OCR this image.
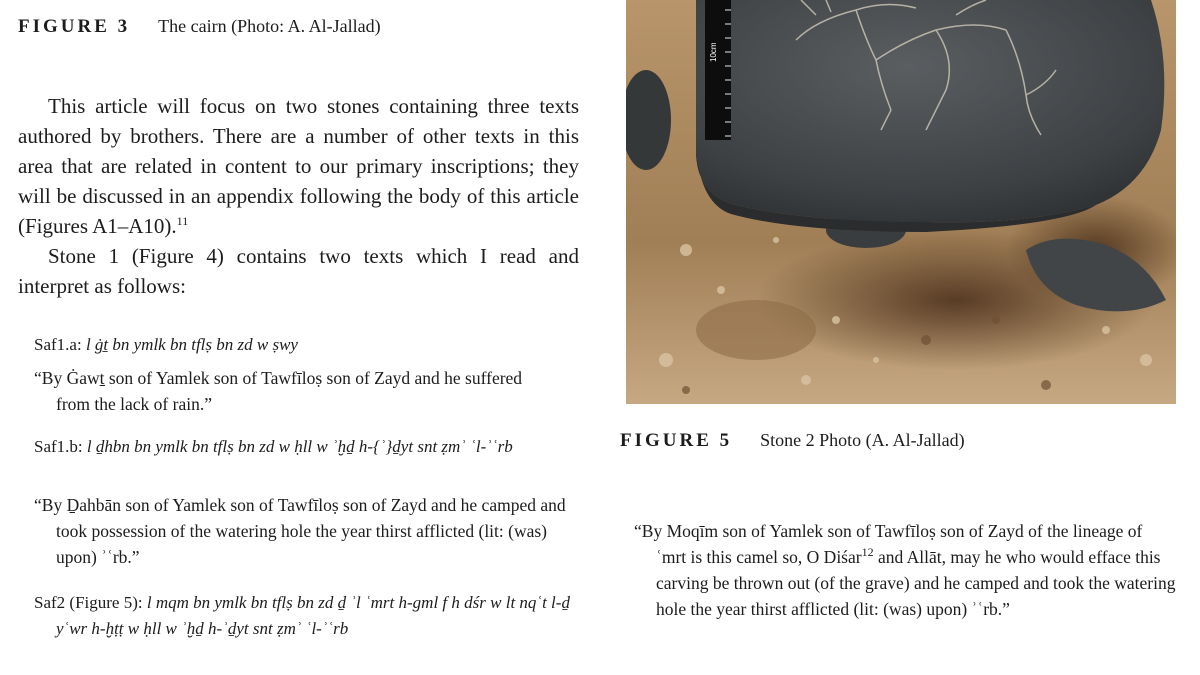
FIGURE 3 The cairn (Photo: A. Al-Jallad)

This article will focus on two stones containing three texts authored by brothers. There are a number of other texts in this area that are related in content to our primary inscriptions; they will be discussed in an appendix following the body of this article (Figures A1–A10).$^{11}$

Stone 1 (Figure 4) contains two texts which I read and interpret as follows:

Saf1.a: l ġṯ bn ymlk bn tflṣ bn zd w ṣwy
“By Ġawṯ son of Yamlek son of Tawfīloṣ son of Zayd and he suffered from the lack of rain.”
Saf1.b: l ḏhbn bn ymlk bn tflṣ bn zd w ḥll w ʾḫḏ h-{ʾ}ḏyt snt ẓmʾ ʿl-ʾʿrb
“By Ḏahbān son of Yamlek son of Tawfīloṣ son of Zayd and he camped and took possession of the watering hole the year thirst afflicted (lit: (was) upon) ʾʿrb.”
Saf2 (Figure 5): l mqm bn ymlk bn tflṣ bn zd ḏ ʾl ʿmrt h-gml f h dśr w lt nqʿt l-ḏ yʿwr h-ḫṭṭ w ḥll w ʾḫḏ h-ʾḏyt snt ẓmʾ ʿl-ʾʿrb
10cm
FIGURE 5 Stone 2 Photo (A. Al-Jallad)
“By Moqīm son of Yamlek son of Tawfīloṣ son of Zayd of the lineage of ʿmrt is this camel so, O Diśar$^{12}$ and Allāt, may he who would efface this carving be thrown out (of the grave) and he camped and took the watering hole the year thirst afflicted (lit: (was) upon) ʾʿrb.”
